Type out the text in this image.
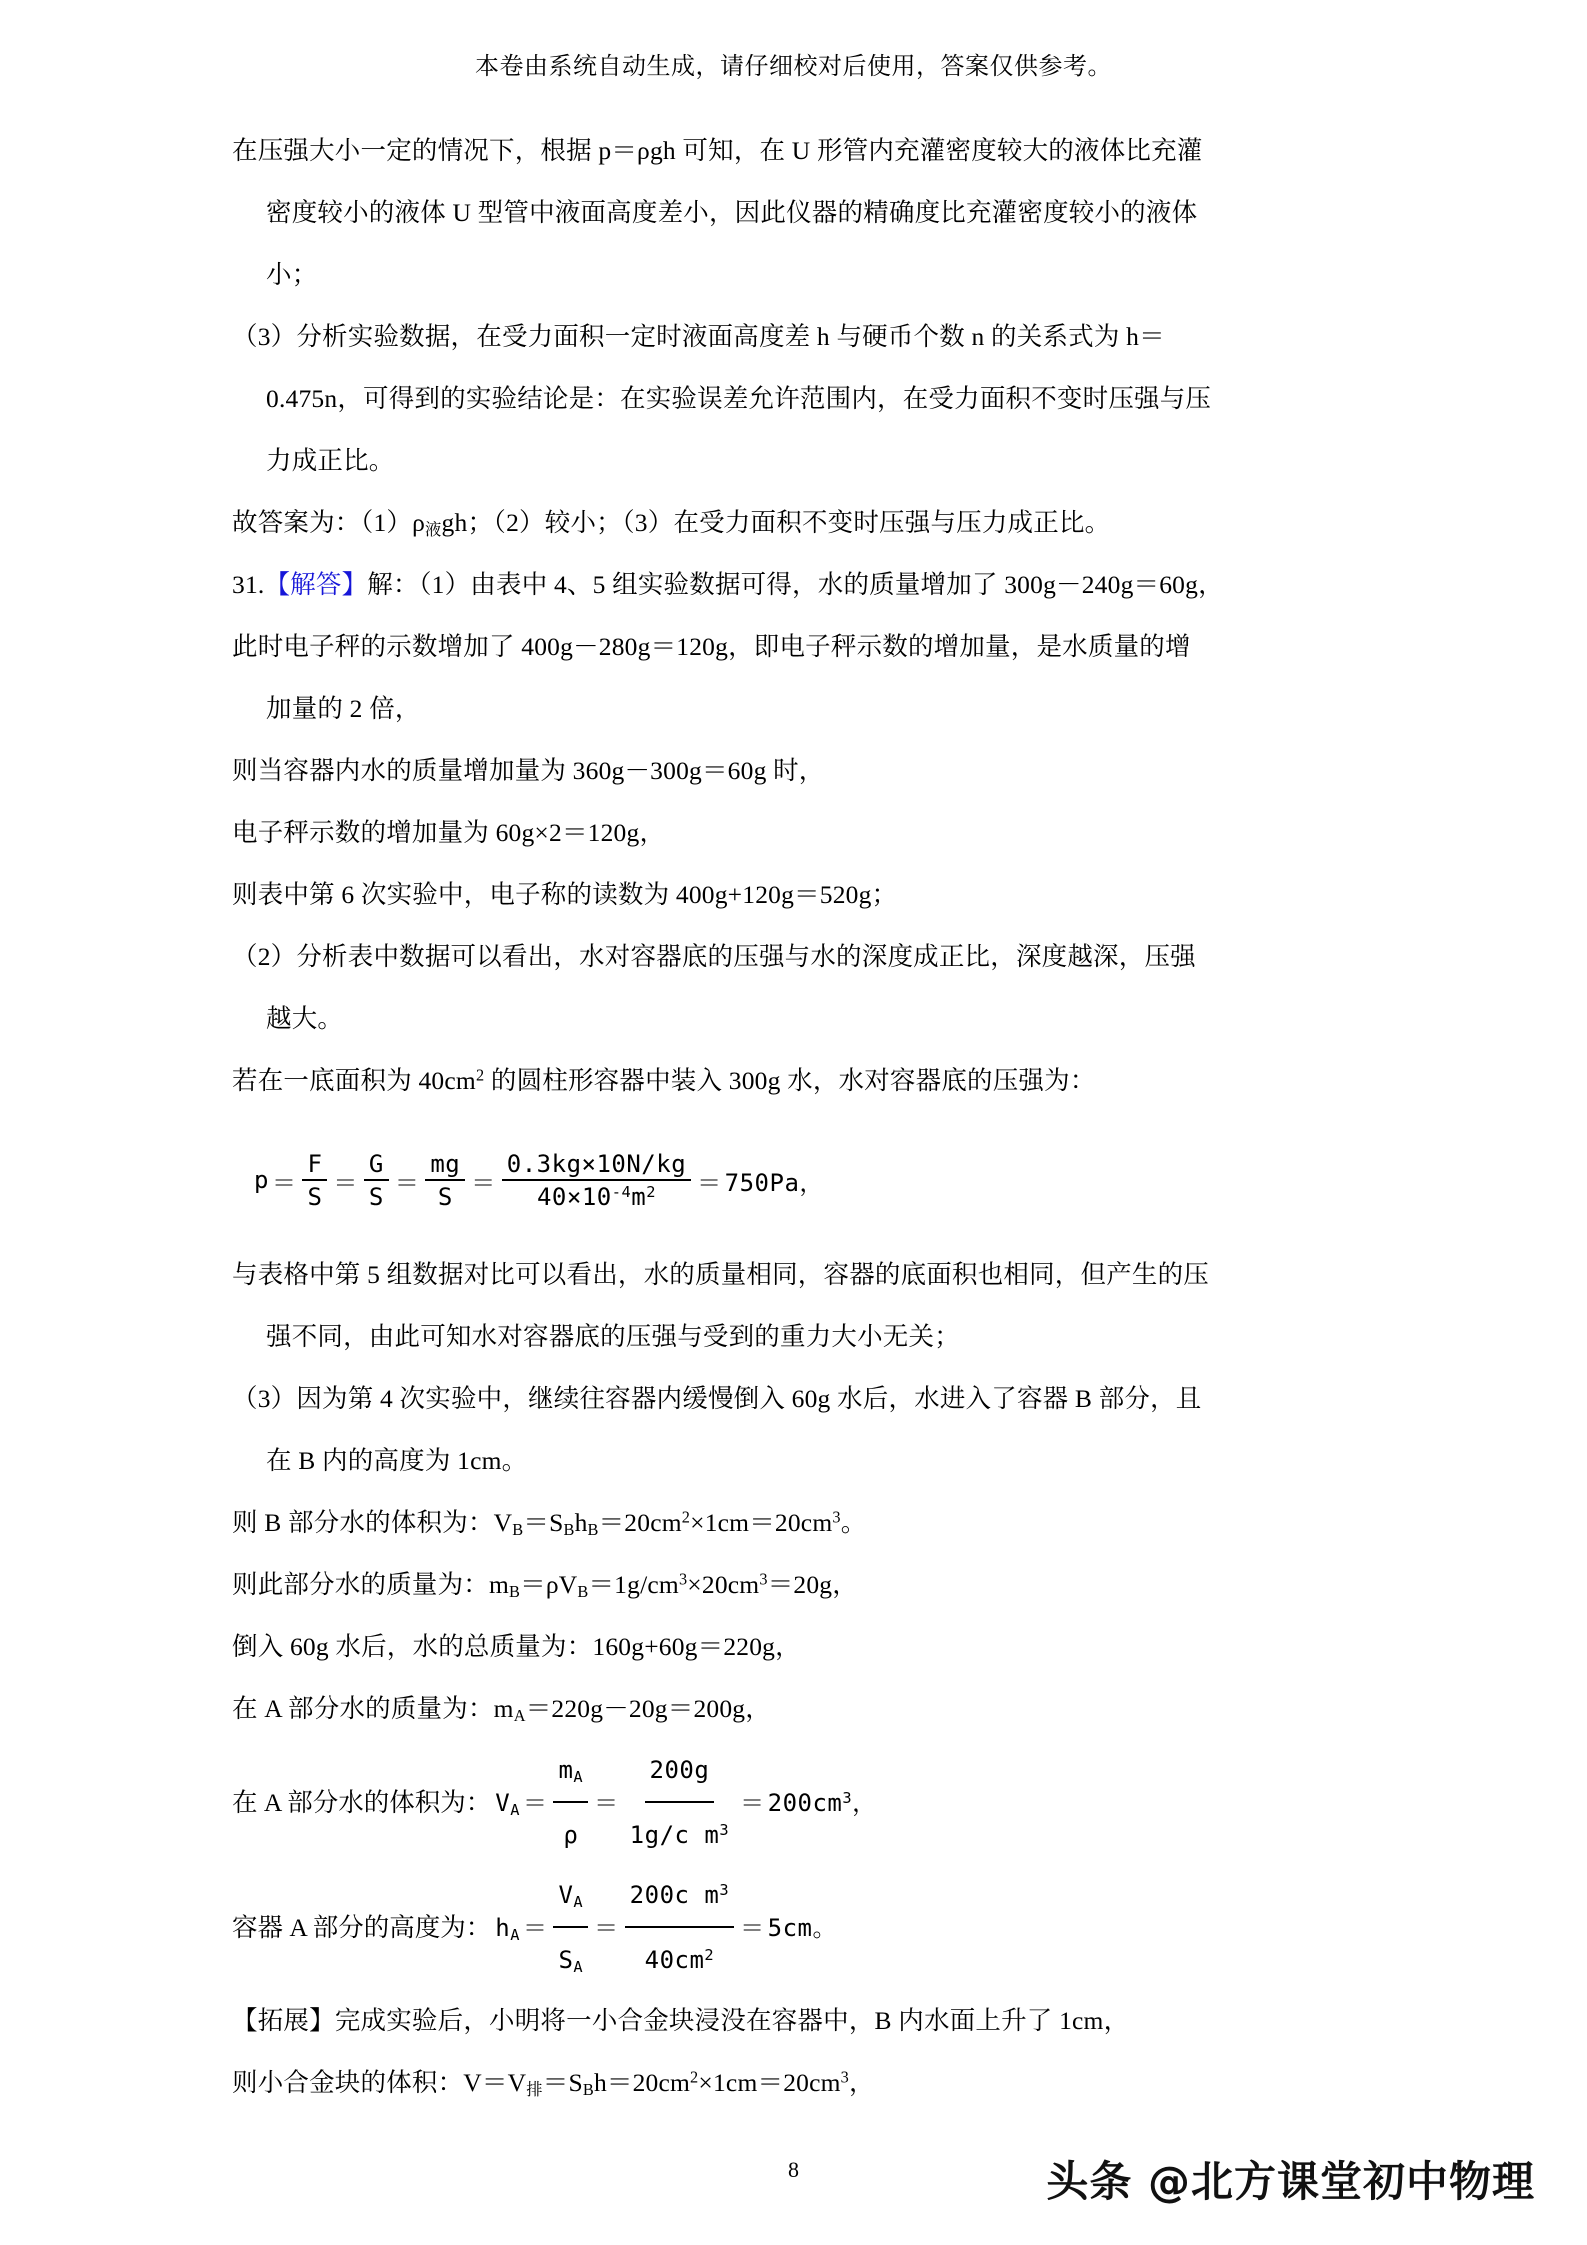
本卷由系统自动生成，请仔细校对后使用，答案仅供参考。
在压强大小一定的情况下，根据 p＝ρgh 可知，在 U 形管内充灌密度较大的液体比充灌
密度较小的液体 U 型管中液面高度差小，因此仪器的精确度比充灌密度较小的液体
小；
（3）分析实验数据，在受力面积一定时液面高度差 h 与硬币个数 n 的关系式为 h＝
0.475n，可得到的实验结论是：在实验误差允许范围内，在受力面积不变时压强与压
力成正比。
故答案为：$(1)\rho_液gh$；（2）较小；（3）在受力面积不变时压强与压力成正比。
31.【解答】解：（1）由表中 4、5 组实验数据可得，水的质量增加了 300g－240g＝60g，
此时电子秤的示数增加了 400g－280g＝120g，即电子秤示数的增加量，是水质量的增
加量的 2 倍，
则当容器内水的质量增加量为 360g－300g＝60g 时，
电子秤示数的增加量为 60g×2＝120g，
则表中第 6 次实验中，电子称的读数为 400g+120g＝520g；
（2）分析表中数据可以看出，水对容器底的压强与水的深度成正比，深度越深，压强
越大。
若在一底面积为 $40cm^2$ 的圆柱形容器中装入 300g 水，水对容器底的压强为：
$p = \frac{F}{S} = \frac{G}{S} = \frac{mg}{S} = \frac{0.3kg\times 10N/kg}{40\times 10^{-4}m^2} = 750Pa$，
与表格中第 5 组数据对比可以看出，水的质量相同，容器的底面积也相同，但产生的压
强不同，由此可知水对容器底的压强与受到的重力大小无关；
（3）因为第 4 次实验中，继续往容器内缓慢倒入 60g 水后，水进入了容器 B 部分，且
在 B 内的高度为 1cm。
则 B 部分水的体积为：$V_B=S_Bh_B=20cm^2\times 1cm=20cm^3$。
则此部分水的质量为：$m_B=\rho V_B=1g/cm^3\times 20cm^3=20g$，
倒入 60g 水后，水的总质量为：160g+60g＝220g，
在 A 部分水的质量为：$m_A=220g-20g=200g$，
在 A 部分水的体积为： $V_A = \frac{m_A}{\rho} = \frac{200g}{1g/c m^3} = 200cm^3$，
容器 A 部分的高度为： $h_A = \frac{V_A}{S_A} = \frac{200c m^3}{40cm^2} = 5cm$。
【拓展】完成实验后，小明将一小合金块浸没在容器中，B 内水面上升了 1cm，
则小合金块的体积：$V=V_排=S_Bh=20cm^2\times 1cm=20cm^3$，
8	头条 @北方课堂初中物理
